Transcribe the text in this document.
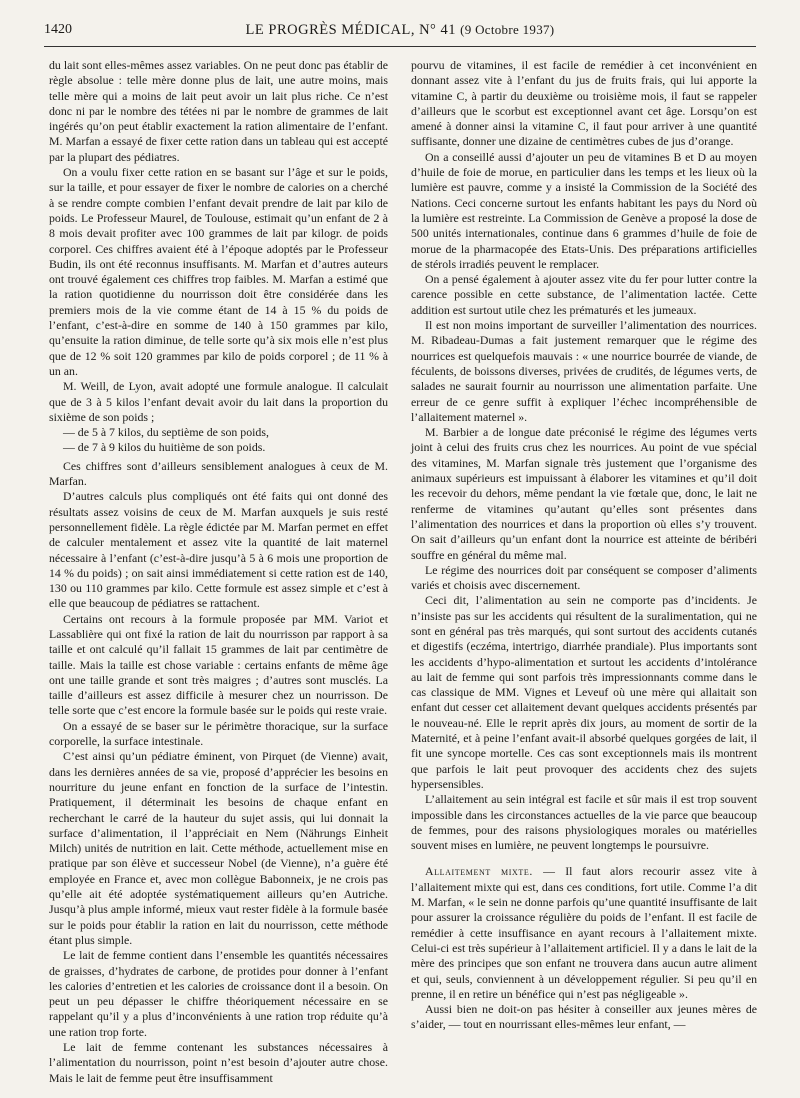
1420	LE PROGRÈS MÉDICAL, N° 41 (9 Octobre 1937)

du lait sont elles-mêmes assez variables. On ne peut donc pas établir de règle absolue : telle mère donne plus de lait, une autre moins, mais telle mère qui a moins de lait peut avoir un lait plus riche. Ce n’est donc ni par le nombre des tétées ni par le nombre de grammes de lait ingérés qu’on peut établir exactement la ration alimentaire de l’enfant. M. Marfan a essayé de fixer cette ration dans un tableau qui est accepté par la plupart des pédiatres.

On a voulu fixer cette ration en se basant sur l’âge et sur le poids, sur la taille, et pour essayer de fixer le nombre de calories on a cherché à se rendre compte combien l’enfant devait prendre de lait par kilo de poids. Le Professeur Maurel, de Toulouse, estimait qu’un enfant de 2 à 8 mois devait profiter avec 100 grammes de lait par kilogr. de poids corporel. Ces chiffres avaient été à l’époque adoptés par le Professeur Budin, ils ont été reconnus insuffisants. M. Marfan et d’autres auteurs ont trouvé également ces chiffres trop faibles. M. Marfan a estimé que la ration quotidienne du nourrisson doit être considérée dans les premiers mois de la vie comme étant de 14 à 15 % du poids de l’enfant, c’est-à-dire en somme de 140 à 150 grammes par kilo, qu’ensuite la ration diminue, de telle sorte qu’à six mois elle n’est plus que de 12 % soit 120 grammes par kilo de poids corporel ; de 11 % à un an.

M. Weill, de Lyon, avait adopté une formule analogue. Il calculait que de 3 à 5 kilos l’enfant devait avoir du lait dans la proportion du sixième de son poids ;

— de 5 à 7 kilos, du septième de son poids,

— de 7 à 9 kilos du huitième de son poids.

Ces chiffres sont d’ailleurs sensiblement analogues à ceux de M. Marfan.

D’autres calculs plus compliqués ont été faits qui ont donné des résultats assez voisins de ceux de M. Marfan auxquels je suis resté personnellement fidèle. La règle édictée par M. Marfan permet en effet de calculer mentalement et assez vite la quantité de lait maternel nécessaire à l’enfant (c’est-à-dire jusqu’à 5 à 6 mois une proportion de 14 % du poids) ; on sait ainsi immédiatement si cette ration est de 140, 130 ou 110 grammes par kilo. Cette formule est assez simple et c’est à elle que beaucoup de pédiatres se rattachent.

Certains ont recours à la formule proposée par MM. Variot et Lassablière qui ont fixé la ration de lait du nourrisson par rapport à sa taille et ont calculé qu’il fallait 15 grammes de lait par centimètre de taille. Mais la taille est chose variable : certains enfants de même âge ont une taille grande et sont très maigres ; d’autres sont musclés. La taille d’ailleurs est assez difficile à mesurer chez un nourrisson. De telle sorte que c’est encore la formule basée sur le poids qui reste vraie.

On a essayé de se baser sur le périmètre thoracique, sur la surface corporelle, la surface intestinale.

C’est ainsi qu’un pédiatre éminent, von Pirquet (de Vienne) avait, dans les dernières années de sa vie, proposé d’apprécier les besoins en nourriture du jeune enfant en fonction de la surface de l’intestin. Pratiquement, il déterminait les besoins de chaque enfant en recherchant le carré de la hauteur du sujet assis, qui lui donnait la surface d’alimentation, il l’appréciait en Nem (Nährungs Einheit Milch) unités de nutrition en lait. Cette méthode, actuellement mise en pratique par son élève et successeur Nobel (de Vienne), n’a guère été employée en France et, avec mon collègue Babonneix, je ne crois pas qu’elle ait été adoptée systématiquement ailleurs qu’en Autriche. Jusqu’à plus ample informé, mieux vaut rester fidèle à la formule basée sur le poids pour établir la ration en lait du nourrisson, cette méthode étant plus simple.

Le lait de femme contient dans l’ensemble les quantités nécessaires de graisses, d’hydrates de carbone, de protides pour donner à l’enfant les calories d’entretien et les calories de croissance dont il a besoin. On peut un peu dépasser le chiffre théoriquement nécessaire en se rappelant qu’il y a plus d’inconvénients à une ration trop réduite qu’à une ration trop forte.

Le lait de femme contenant les substances nécessaires à l’alimentation du nourrisson, point n’est besoin d’ajouter autre chose. Mais le lait de femme peut être insuffisamment

pourvu de vitamines, il est facile de remédier à cet inconvénient en donnant assez vite à l’enfant du jus de fruits frais, qui lui apporte la vitamine C, à partir du deuxième ou troisième mois, il faut se rappeler d’ailleurs que le scorbut est exceptionnel avant cet âge. Lorsqu’on est amené à donner ainsi la vitamine C, il faut pour arriver à une quantité suffisante, donner une dizaine de centimètres cubes de jus d’orange.

On a conseillé aussi d’ajouter un peu de vitamines B et D au moyen d’huile de foie de morue, en particulier dans les temps et les lieux où la lumière est pauvre, comme y a insisté la Commission de la Société des Nations. Ceci concerne surtout les enfants habitant les pays du Nord où la lumière est restreinte. La Commission de Genève a proposé la dose de 500 unités internationales, continue dans 6 grammes d’huile de foie de morue de la pharmacopée des Etats-Unis. Des préparations artificielles de stérols irradiés peuvent le remplacer.

On a pensé également à ajouter assez vite du fer pour lutter contre la carence possible en cette substance, de l’alimentation lactée. Cette addition est surtout utile chez les prématurés et les jumeaux.

Il est non moins important de surveiller l’alimentation des nourrices. M. Ribadeau-Dumas a fait justement remarquer que le régime des nourrices est quelquefois mauvais : « une nourrice bourrée de viande, de féculents, de boissons diverses, privées de crudités, de légumes verts, de salades ne saurait fournir au nourrisson une alimentation parfaite. Une erreur de ce genre suffit à expliquer l’échec incompréhensible de l’allaitement maternel ».

M. Barbier a de longue date préconisé le régime des légumes verts joint à celui des fruits crus chez les nourrices. Au point de vue spécial des vitamines, M. Marfan signale très justement que l’organisme des animaux supérieurs est impuissant à élaborer les vitamines et qu’il doit les recevoir du dehors, même pendant la vie fœtale que, donc, le lait ne renferme de vitamines qu’autant qu’elles sont présentes dans l’alimentation des nourrices et dans la proportion où elles s’y trouvent. On sait d’ailleurs qu’un enfant dont la nourrice est atteinte de béribéri souffre en général du même mal.

Le régime des nourrices doit par conséquent se composer d’aliments variés et choisis avec discernement.

Ceci dit, l’alimentation au sein ne comporte pas d’incidents. Je n’insiste pas sur les accidents qui résultent de la suralimentation, qui ne sont en général pas très marqués, qui sont surtout des accidents cutanés et digestifs (eczéma, intertrigo, diarrhée prandiale). Plus importants sont les accidents d’hypo-alimentation et surtout les accidents d’intolérance au lait de femme qui sont parfois très impressionnants comme dans le cas classique de MM. Vignes et Leveuf où une mère qui allaitait son enfant dut cesser cet allaitement devant quelques accidents présentés par le nouveau-né. Elle le reprit après dix jours, au moment de sortir de la Maternité, et à peine l’enfant avait-il absorbé quelques gorgées de lait, il fit une syncope mortelle. Ces cas sont exceptionnels mais ils montrent que parfois le lait peut provoquer des accidents chez des sujets hypersensibles.

L’allaitement au sein intégral est facile et sûr mais il est trop souvent impossible dans les circonstances actuelles de la vie parce que beaucoup de femmes, pour des raisons physiologiques morales ou matérielles souvent mises en lumière, ne peuvent longtemps le poursuivre.

Allaitement mixte. — Il faut alors recourir assez vite à l’allaitement mixte qui est, dans ces conditions, fort utile. Comme l’a dit M. Marfan, « le sein ne donne parfois qu’une quantité insuffisante de lait pour assurer la croissance régulière du poids de l’enfant. Il est facile de remédier à cette insuffisance en ayant recours à l’allaitement mixte. Celui-ci est très supérieur à l’allaitement artificiel. Il y a dans le lait de la mère des principes que son enfant ne trouvera dans aucun autre aliment et qui, seuls, conviennent à un développement régulier. Si peu qu’il en prenne, il en retire un bénéfice qui n’est pas négligeable ».

Aussi bien ne doit-on pas hésiter à conseiller aux jeunes mères de s’aider, — tout en nourrissant elles-mêmes leur enfant, —
